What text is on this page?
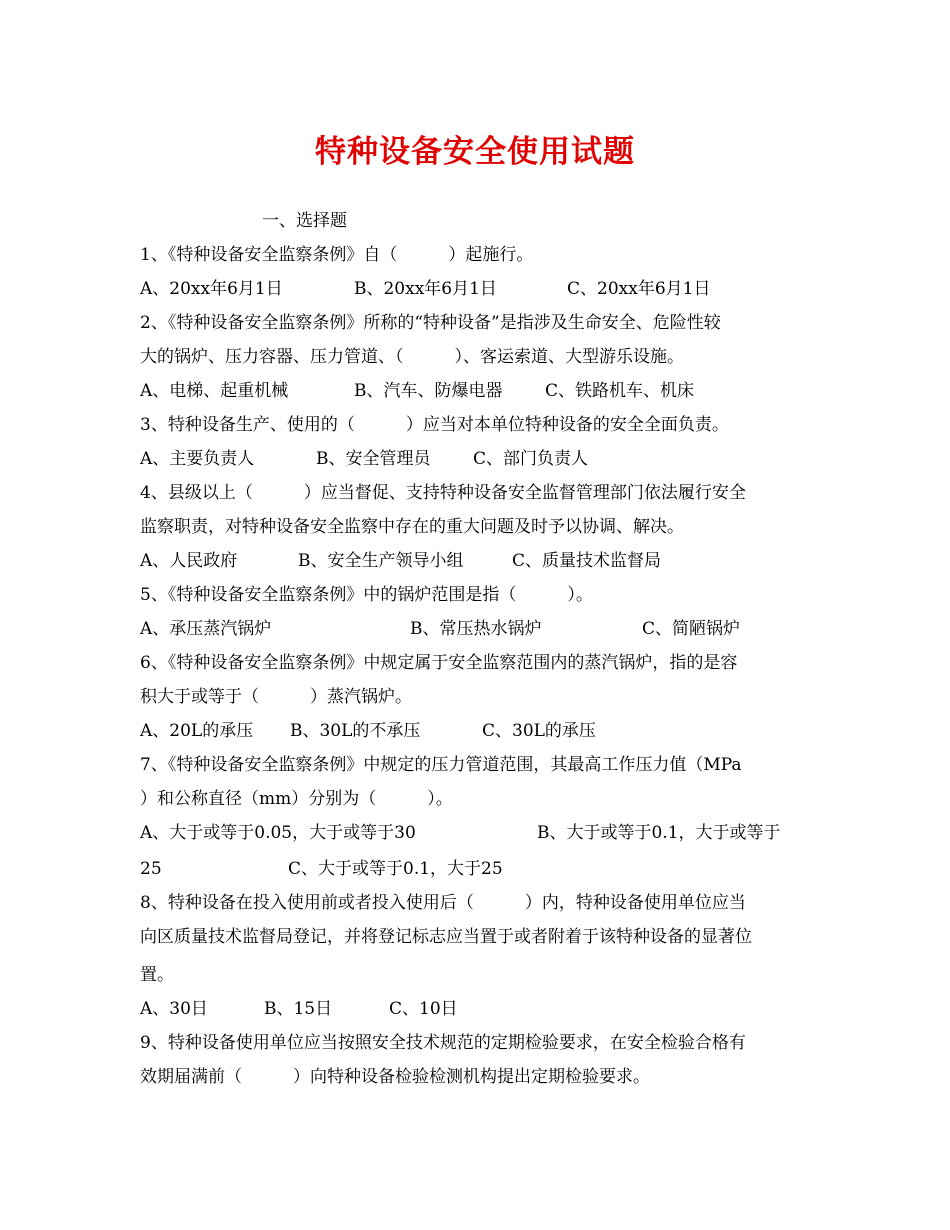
特种设备安全使用试题
一、选择题
1、《特种设备安全监察条例》自（　　　）起施行。
A、20xx年6月1日	B、20xx年6月1日	C、20xx年6月1日
2、《特种设备安全监察条例》所称的“特种设备”是指涉及生命安全、危险性较
大的锅炉、压力容器、压力管道、（　　　）、客运索道、大型游乐设施。
A、电梯、起重机械	B、汽车、防爆电器	C、铁路机车、机床
3、特种设备生产、使用的（　　　）应当对本单位特种设备的安全全面负责。
A、主要负责人	B、安全管理员	C、部门负责人
4、县级以上（　　　）应当督促、支持特种设备安全监督管理部门依法履行安全
监察职责，对特种设备安全监察中存在的重大问题及时予以协调、解决。
A、人民政府	B、安全生产领导小组	C、质量技术监督局
5、《特种设备安全监察条例》中的锅炉范围是指（　　　）。
A、承压蒸汽锅炉	B、常压热水锅炉	C、简陋锅炉
6、《特种设备安全监察条例》中规定属于安全监察范围内的蒸汽锅炉，指的是容
积大于或等于（　　　）蒸汽锅炉。
A、20L的承压 B、30L的不承压	C、30L的承压
7、《特种设备安全监察条例》中规定的压力管道范围，其最高工作压力值（MPa
）和公称直径（mm）分别为（　　　）。
A、大于或等于0.05，大于或等于30	B、大于或等于0.1，大于或等于
25	C、大于或等于0.1，大于25
8、特种设备在投入使用前或者投入使用后（　　　）内，特种设备使用单位应当
向区质量技术监督局登记，并将登记标志应当置于或者附着于该特种设备的显著位
置。
A、30日	B、15日	C、10日
9、特种设备使用单位应当按照安全技术规范的定期检验要求，在安全检验合格有
效期届满前（　　　）向特种设备检验检测机构提出定期检验要求。
